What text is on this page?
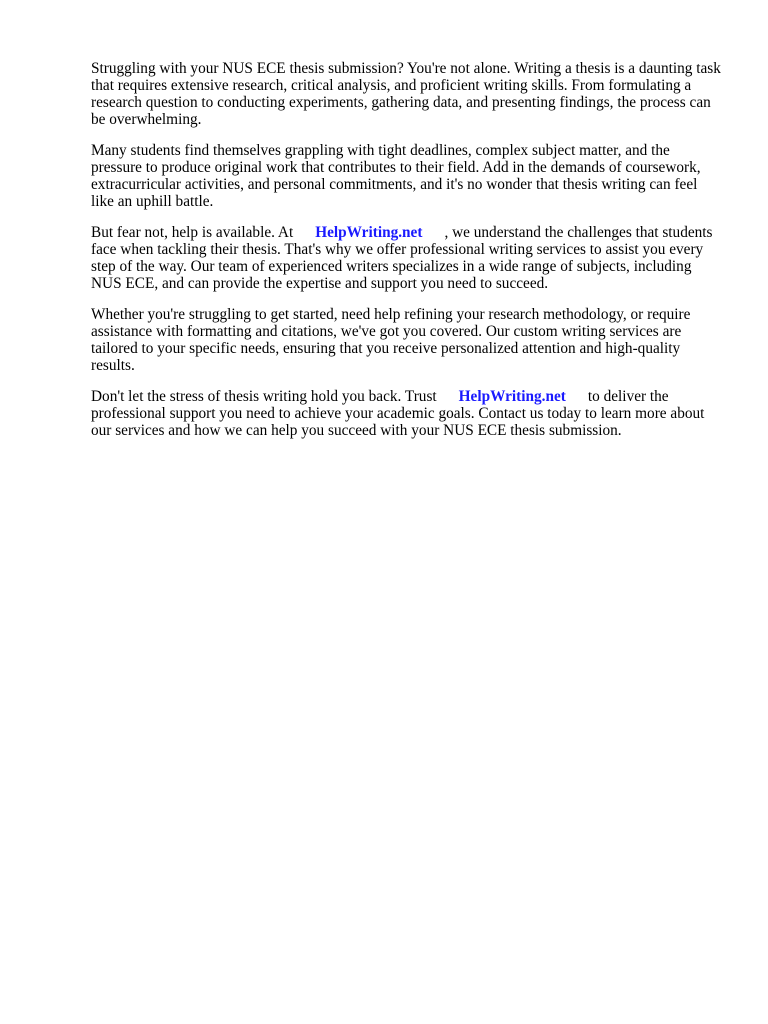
Struggling with your NUS ECE thesis submission? You're not alone. Writing a thesis is a daunting task that requires extensive research, critical analysis, and proficient writing skills. From formulating a research question to conducting experiments, gathering data, and presenting findings, the process can be overwhelming.

Many students find themselves grappling with tight deadlines, complex subject matter, and the pressure to produce original work that contributes to their field. Add in the demands of coursework, extracurricular activities, and personal commitments, and it's no wonder that thesis writing can feel like an uphill battle.

But fear not, help is available. At HelpWriting.net , we understand the challenges that students face when tackling their thesis. That's why we offer professional writing services to assist you every step of the way. Our team of experienced writers specializes in a wide range of subjects, including NUS ECE, and can provide the expertise and support you need to succeed.

Whether you're struggling to get started, need help refining your research methodology, or require assistance with formatting and citations, we've got you covered. Our custom writing services are tailored to your specific needs, ensuring that you receive personalized attention and high-quality results.

Don't let the stress of thesis writing hold you back. Trust HelpWriting.net to deliver the professional support you need to achieve your academic goals. Contact us today to learn more about our services and how we can help you succeed with your NUS ECE thesis submission.
